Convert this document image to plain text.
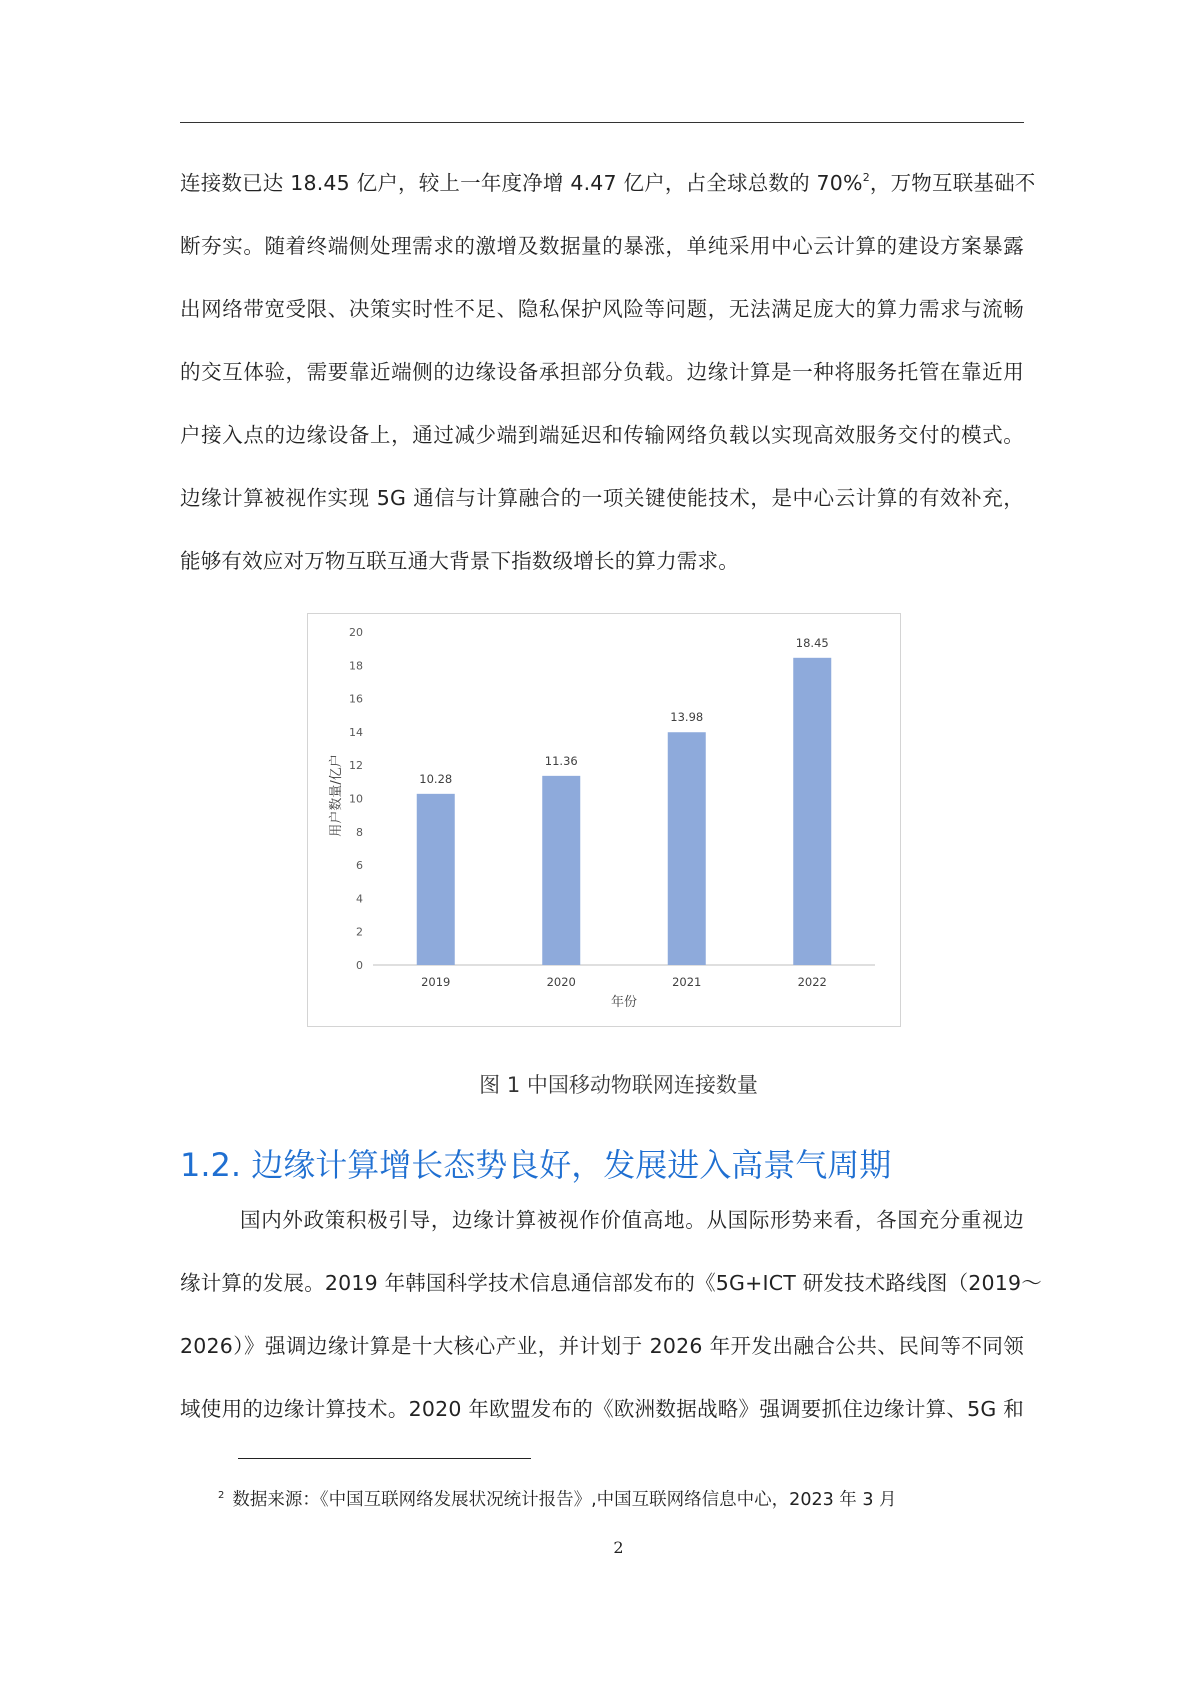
连接数已达 18.45 亿户，较上一年度净增 4.47 亿户，占全球总数的 70%$^2$，万物互联基础不
断夯实。随着终端侧处理需求的激增及数据量的暴涨，单纯采用中心云计算的建设方案暴露
出网络带宽受限、决策实时性不足、隐私保护风险等问题，无法满足庞大的算力需求与流畅
的交互体验，需要靠近端侧的边缘设备承担部分负载。边缘计算是一种将服务托管在靠近用
户接入点的边缘设备上，通过减少端到端延迟和传输网络负载以实现高效服务交付的模式。
边缘计算被视作实现 5G 通信与计算融合的一项关键使能技术，是中心云计算的有效补充，
能够有效应对万物互联互通大背景下指数级增长的算力需求。
0
2
4
6
8
10
12
14
16
18
20
10.28
2019
11.36
2020
13.98
2021
18.45
2022
年份
用户数量/亿户
图 1 中国移动物联网连接数量
1.2. 边缘计算增长态势良好，发展进入高景气周期
国内外政策积极引导，边缘计算被视作价值高地。从国际形势来看，各国充分重视边
缘计算的发展。2019 年韩国科学技术信息通信部发布的《5G+ICT 研发技术路线图（2019～
2026）》强调边缘计算是十大核心产业，并计划于 2026 年开发出融合公共、民间等不同领
域使用的边缘计算技术。2020 年欧盟发布的《欧洲数据战略》强调要抓住边缘计算、5G 和
$^2$ 数据来源：《中国互联网络发展状况统计报告》,中国互联网络信息中心，2023 年 3 月
2
